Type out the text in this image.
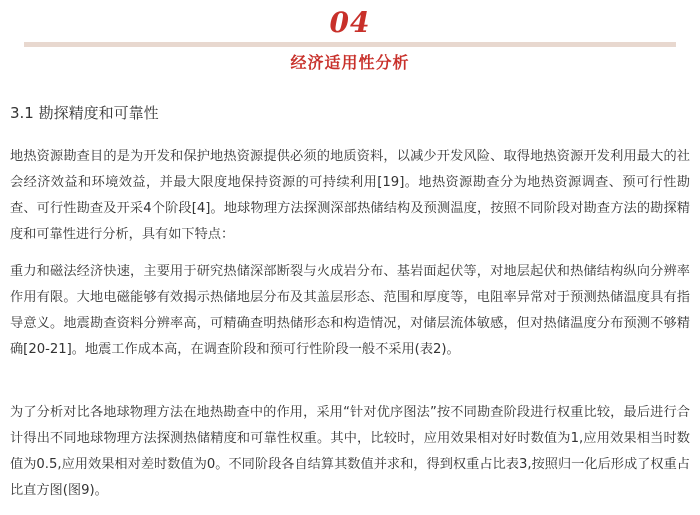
04
经济适用性分析
3.1 勘探精度和可靠性

地热资源勘查目的是为开发和保护地热资源提供必须的地质资料，以减少开发风险、取得地热资源开发利用最大的社会经济效益和环境效益，并最大限度地保持资源的可持续利用[19]。地热资源勘查分为地热资源调查、预可行性勘查、可行性勘查及开采4个阶段[4]。地球物理方法探测深部热储结构及预测温度，按照不同阶段对勘查方法的勘探精度和可靠性进行分析，具有如下特点：

重力和磁法经济快速，主要用于研究热储深部断裂与火成岩分布、基岩面起伏等，对地层起伏和热储结构纵向分辨率作用有限。大地电磁能够有效揭示热储地层分布及其盖层形态、范围和厚度等，电阻率异常对于预测热储温度具有指导意义。地震勘查资料分辨率高，可精确查明热储形态和构造情况，对储层流体敏感，但对热储温度分布预测不够精确[20-21]。地震工作成本高，在调查阶段和预可行性阶段一般不采用(表2)。

为了分析对比各地球物理方法在地热勘查中的作用，采用“针对优序图法”按不同勘查阶段进行权重比较，最后进行合计得出不同地球物理方法探测热储精度和可靠性权重。其中，比较时，应用效果相对好时数值为1,应用效果相当时数值为0.5,应用效果相对差时数值为0。不同阶段各自结算其数值并求和，得到权重占比表3,按照归一化后形成了权重占比直方图(图9)。
